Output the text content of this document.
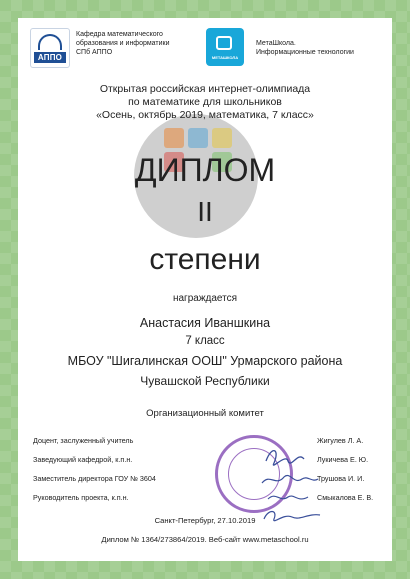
АППО
Кафедра математического
образования и информатики
СПб АППО
МЕТАШКОЛА
МетаШкола.
Информационные технологии
Открытая российская интернет-олимпиада
по математике для школьников
«Осень, октябрь 2019, математика, 7 класс»
ДИПЛОМ
II
степени
награждается
Анастасия Иваншкина
7 класс
МБОУ "Шигалинская ООШ" Урмарского района
Чувашской Республики
Организационный комитет
Доцент, заслуженный учитель	Жигулев Л. А.
Заведующий кафедрой, к.п.н.	Лукичева Е. Ю.
Заместитель директора ГОУ № 3604	Трушова И. И.
Руководитель проекта, к.п.н.	Смыкалова Е. В.
Санкт-Петербург, 27.10.2019
Диплом № 1364/273864/2019. Веб-сайт www.metaschool.ru
